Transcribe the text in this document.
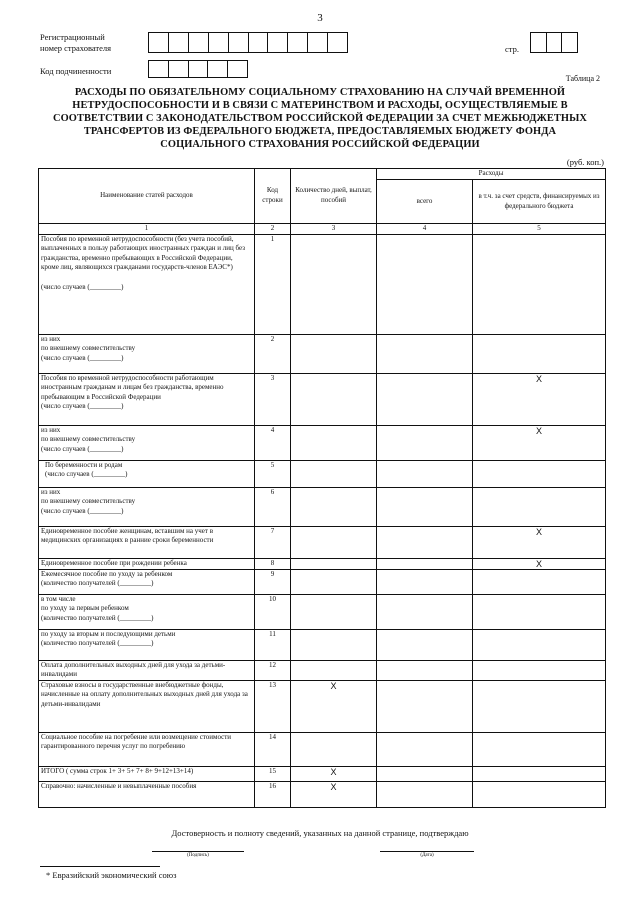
3
Регистрационный
номер страхователя	стр.
Код подчиненности
Таблица 2
РАСХОДЫ ПО ОБЯЗАТЕЛЬНОМУ СОЦИАЛЬНОМУ СТРАХОВАНИЮ НА СЛУЧАЙ ВРЕМЕННОЙ НЕТРУДОСПОСОБНОСТИ И В СВЯЗИ С МАТЕРИНСТВОМ И РАСХОДЫ, ОСУЩЕСТВЛЯЕМЫЕ В СООТВЕТСТВИИ С ЗАКОНОДАТЕЛЬСТВОМ РОССИЙСКОЙ ФЕДЕРАЦИИ ЗА СЧЕТ МЕЖБЮДЖЕТНЫХ ТРАНСФЕРТОВ ИЗ ФЕДЕРАЛЬНОГО БЮДЖЕТА, ПРЕДОСТАВЛЯЕМЫХ БЮДЖЕТУ ФОНДА СОЦИАЛЬНОГО СТРАХОВАНИЯ РОССИЙСКОЙ ФЕДЕРАЦИИ
(руб. коп.)
Наименование статей расходов	Код строки	Количество дней, выплат, пособий	Расходы	
			всего	в т.ч. за счет средств, финансируемых из федерального бюджета
1	2	3	4	5

Пособия по временной нетрудоспособности (без учета пособий, выплаченных в пользу работающих иностранных граждан и лиц без гражданства, временно пребывающих в Российской Федерации, кроме лиц, являющихся гражданами государств-членов ЕАЭС*)

(число случаев (_________)	1	

из них
по внешнему совместительству
(число случаев (_________)	2	

Пособия по временной нетрудоспособности работающим иностранным гражданам и лицам без гражданства, временно пребывающим в Российской Федерации
(число случаев (_________)	3			X

из них
по внешнему совместительству
(число случаев (_________)	4			X

По беременности и родам
(число случаев (_________)	5	

из них
по внешнему совместительству
(число случаев (_________)	6	

Единовременное пособие женщинам, вставшим на учет в медицинских организациях в ранние сроки беременности	7			X

Единовременное пособие при рождении ребенка	8			X

Ежемесячное пособие по уходу за ребенком
(количество получателей (_________)	9	

в том числе
по уходу за первым ребенком
(количество получателей (_________)	10	

по уходу за вторым и последующими детьми
(количество получателей (_________)	11	

Оплата дополнительных выходных дней для ухода за детьми-инвалидами	12	

Страховые взносы в государственные внебюджетные фонды, начисленные на оплату дополнительных выходных дней для ухода за детьми-инвалидами	13	X		

Социальное пособие на погребение или возмещение стоимости гарантированного перечня услуг по погребению	14	

ИТОГО ( сумма строк 1+ 3+ 5+ 7+ 8+ 9+12+13+14)	15	X		

Справочно: начисленные и невыплаченные пособия	16	X		

Достоверность и полноту сведений, указанных на данной странице, подтверждаю
(Подпись)	(Дата)
* Евразийский экономический союз
